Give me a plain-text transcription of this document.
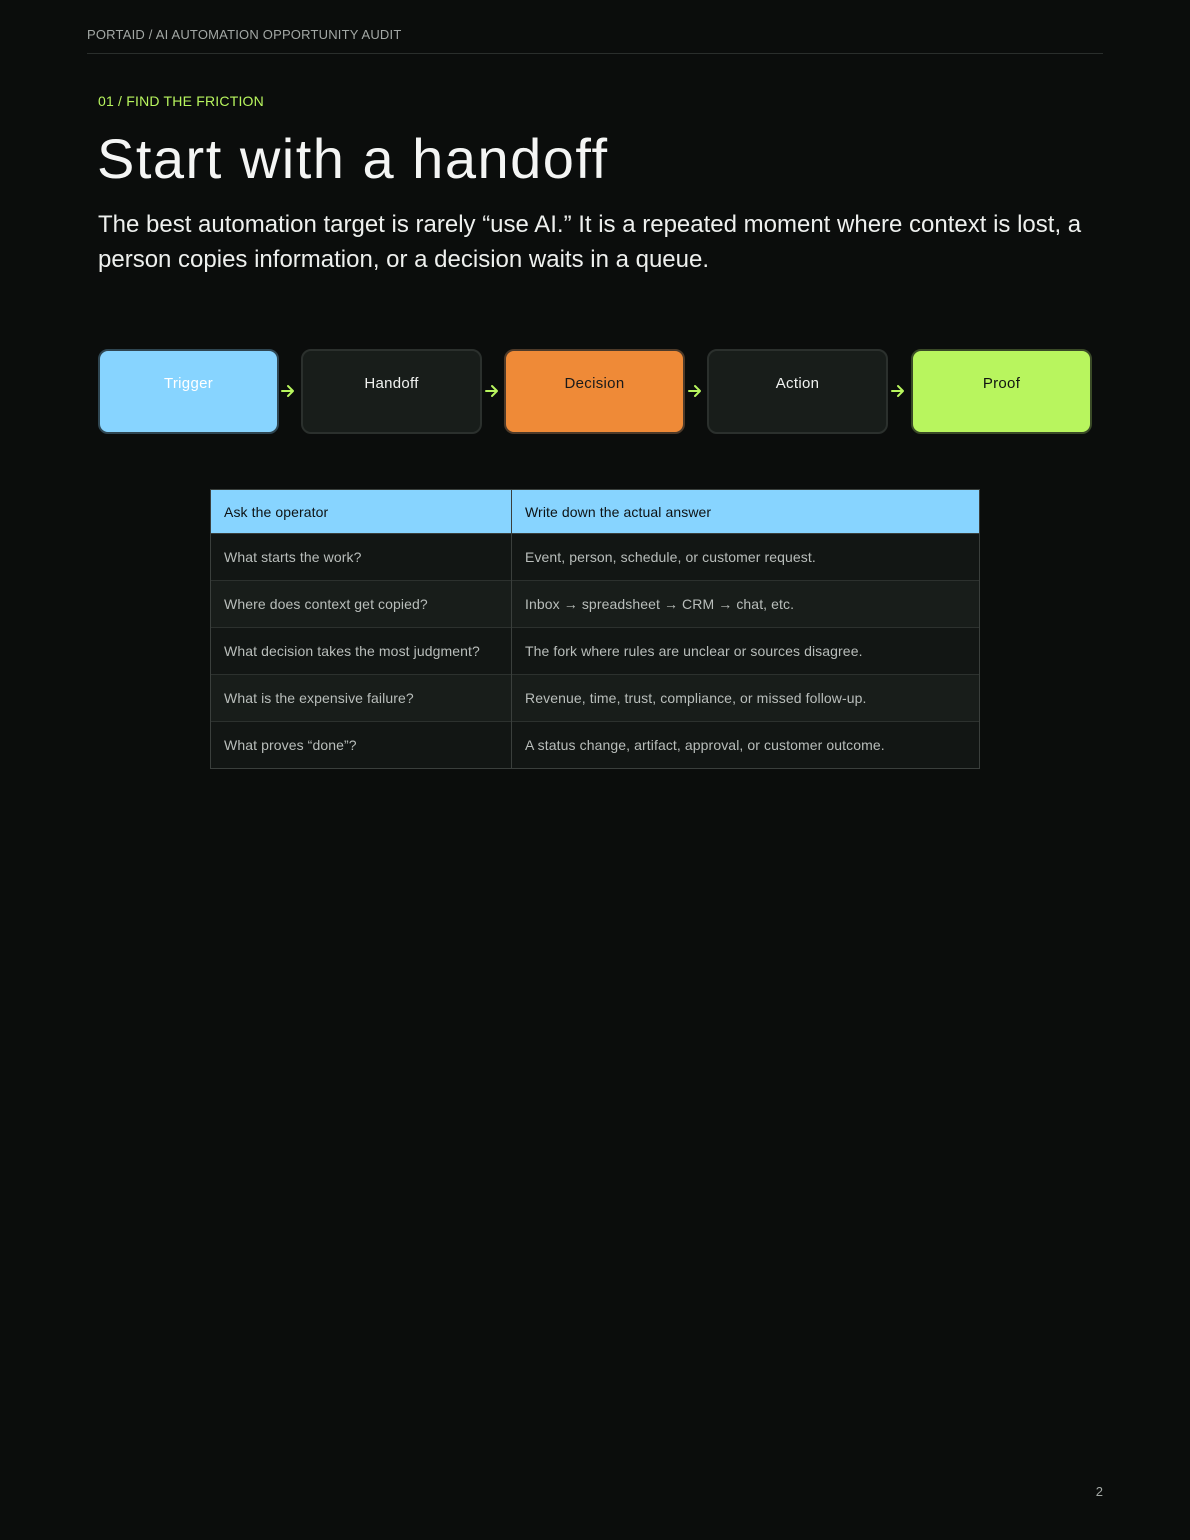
PORTAID / AI AUTOMATION OPPORTUNITY AUDIT
01 / FIND THE FRICTION
Start with a handoff

The best automation target is rarely “use AI.” It is a repeated moment where context is lost, a person copies information, or a decision waits in a queue.

Trigger	Handoff	Decision	Action	Proof
Ask the operator	Write down the actual answer
What starts the work?	Event, person, schedule, or customer request.
Where does context get copied?	Inbox → spreadsheet → CRM → chat, etc.
What decision takes the most judgment?	The fork where rules are unclear or sources disagree.
What is the expensive failure?	Revenue, time, trust, compliance, or missed follow-up.
What proves “done”?	A status change, artifact, approval, or customer outcome.
2
